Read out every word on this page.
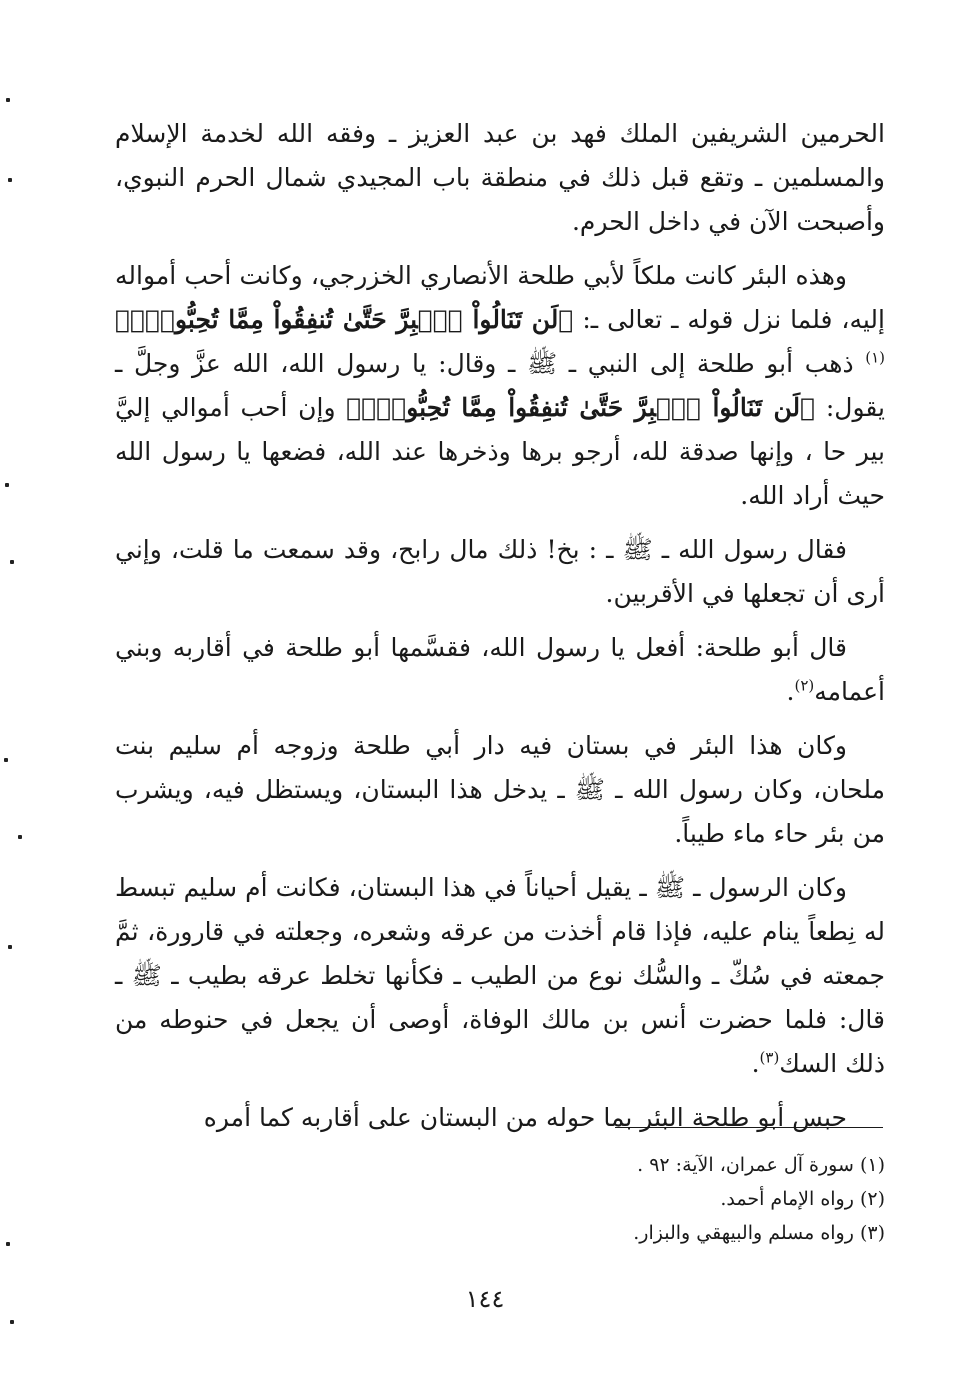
الحرمين الشريفين الملك فهد بن عبد العزيز ـ وفقه الله لخدمة الإسلام والمسلمين ـ وتقع قبل ذلك في منطقة باب المجيدي شمال الحرم النبوي، وأصبحت الآن في داخل الحرم.

وهذه البئر كانت ملكاً لأبي طلحة الأنصاري الخزرجي، وكانت أحب أمواله إليه، فلما نزل قوله ـ تعالى ـ: ﴿لَن تَنَالُواْ ٱلۡبِرَّ حَتَّىٰ تُنفِقُواْ مِمَّا تُحِبُّونَۚ﴾$^{(١)}$ ذهب أبو طلحة إلى النبي ـ ﷺ ـ وقال: يا رسول الله، الله عزَّ وجلَّ ـ يقول: ﴿لَن تَنَالُواْ ٱلۡبِرَّ حَتَّىٰ تُنفِقُواْ مِمَّا تُحِبُّونَۚ﴾ وإن أحب أموالي إليَّ بير حا ، وإنها صدقة لله، أرجو برها وذخرها عند الله، فضعها يا رسول الله حيث أراد الله.

فقال رسول الله ـ ﷺ ـ : بخ! ذلك مال رابح، وقد سمعت ما قلت، وإني أرى أن تجعلها في الأقربين.

قال أبو طلحة: أفعل يا رسول الله، فقسَّمها أبو طلحة في أقاربه وبني أعمامه$^{(٢)}$.

وكان هذا البئر في بستان فيه دار أبي طلحة وزوجه أم سليم بنت ملحان، وكان رسول الله ـ ﷺ ـ يدخل هذا البستان، ويستظل فيه، ويشرب من بئر حاء ماء طيباً.

وكان الرسول ـ ﷺ ـ يقيل أحياناً في هذا البستان، فكانت أم سليم تبسط له نِطعاً ينام عليه، فإذا قام أخذت من عرقه وشعره، وجعلته في قارورة، ثمَّ جمعته في سُكّ ـ والسُّك نوع من الطيب ـ فكأنها تخلط عرقه بطيب ـ ﷺ ـ قال: فلما حضرت أنس بن مالك الوفاة، أوصى أن يجعل في حنوطه من ذلك السك$^{(٣)}$.

حبس أبو طلحة البئر بما حوله من البستان على أقاربه كما أمره

(١) سورة آل عمران، الآية: ٩٢ .
(٢) رواه الإمام أحمد.
(٣) رواه مسلم والبيهقي والبزار.
١٤٤
